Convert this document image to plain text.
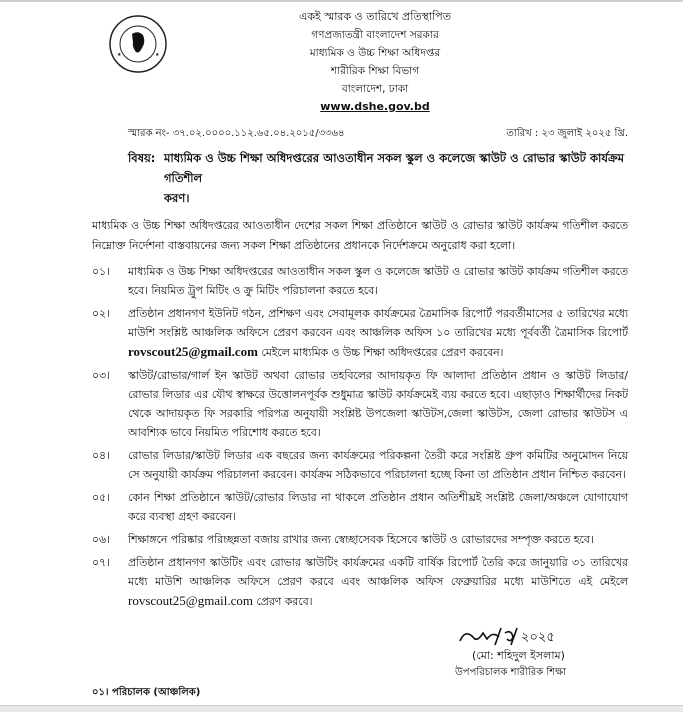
★	★
একই স্মারক ও তারিখে প্রতিস্থাপিত
গণপ্রজাতন্ত্রী বাংলাদেশ সরকার
মাধ্যমিক ও উচ্চ শিক্ষা অধিদপ্তর
শারীরিক শিক্ষা বিভাগ
বাংলাদেশ, ঢাকা
www.dshe.gov.bd
স্মারক নং- ৩৭.০২.০০০০.১১২.৬৫.০৪.২০১৫/৩৩৬৪	তারিখ : ২৩ জুলাই ২০২৫ খ্রি.
বিষয়: মাধ্যমিক ও উচ্চ শিক্ষা অধিদপ্তরের আওতাধীন সকল স্কুল ও কলেজে স্কাউট ও রোভার স্কাউট কার্যক্রম গতিশীল
করণ।
মাধ্যমিক ও উচ্চ শিক্ষা অধিদপ্তরের আওতাধীন দেশের সকল শিক্ষা প্রতিষ্ঠানে স্কাউট ও রোভার স্কাউট কার্যক্রম গতিশীল করতে নিম্নোক্ত নির্দেশনা বাস্তবায়নের জন্য সকল শিক্ষা প্রতিষ্ঠানের প্রধানকে নির্দেশক্রমে অনুরোধ করা হলো।
০১।	মাধ্যমিক ও উচ্চ শিক্ষা অধিদপ্তরের আওতাধীন সকল স্কুল ও কলেজে স্কাউট ও রোভার স্কাউট কার্যক্রম গতিশীল করতে হবে। নিয়মিত ট্রুপ মিটিং ও ক্রু মিটিং পরিচালনা করতে হবে।
০২।	প্রতিষ্ঠান প্রধানগণ ইউনিট গঠন, প্রশিক্ষণ এবং সেবামূলক কার্যক্রমের ত্রৈমাসিক রিপোর্ট পরবর্তীমাসের ৫ তারিখের মধ্যে মাউশি সংশ্লিষ্ট আঞ্চলিক অফিসে প্রেরণ করবেন এবং আঞ্চলিক অফিস ১০ তারিখের মধ্যে পূর্ববর্তী ত্রৈমাসিক রিপোর্ট rovscout25@gmail.com মেইলে মাধ্যমিক ও উচ্চ শিক্ষা অধিদপ্তরের প্রেরণ করবেন।
০৩।	স্কাউট/রোভার/গার্ল ইন স্কাউট অথবা রোভার তহবিলের আদায়কৃত ফি আলাদা প্রতিষ্ঠান প্রধান ও স্কাউট লিডার/রোভার লিডার এর যৌথ স্বাক্ষরে উত্তোলনপূর্বক শুধুমাত্র স্কাউট কার্যক্রমেই ব্যয় করতে হবে। এছাড়াও শিক্ষার্থীদের নিকট থেকে আদায়কৃত ফি সরকারি পরিপত্র অনুযায়ী সংশ্লিষ্ট উপজেলা স্কাউটস,জেলা স্কাউটস, জেলা রোভার স্কাউটস এ আবশ্যিক ভাবে নিয়মিত পরিশোধ করতে হবে।
০৪।	রোভার লিডার/স্কাউট লিডার এক বছরের জন্য কার্যক্রমের পরিকল্পনা তৈরী করে সংশ্লিষ্ট গ্রুপ কমিটির অনুমোদন নিয়ে সে অনুযায়ী কার্যক্রম পরিচালনা করবেন। কার্যক্রম সঠিকভাবে পরিচালনা হচ্ছে কিনা তা প্রতিষ্ঠান প্রধান নিশ্চিত করবেন।
০৫।	কোন শিক্ষা প্রতিষ্ঠানে স্কাউট/রোভার লিডার না থাকলে প্রতিষ্ঠান প্রধান অতিশীঘ্রই সংশ্লিষ্ট জেলা/অঞ্চলে যোগাযোগ করে ব্যবস্থা গ্রহণ করবেন।
০৬।	শিক্ষাঙ্গনে পরিষ্কার পরিচ্ছন্নতা বজায় রাখার জন্য স্বেচ্ছাসেবক হিসেবে স্কাউট ও রোভারদের সম্পৃক্ত করতে হবে।
০৭।	প্রতিষ্ঠান প্রধানগণ স্কাউটিং এবং রোভার স্কাউটিং কার্যক্রমের একটি বার্ষিক রিপোর্ট তৈরি করে জানুয়ারি ৩১ তারিখের মধ্যে মাউশি আঞ্চলিক অফিসে প্রেরণ করবে এবং আঞ্চলিক অফিস ফেব্রুয়ারির মধ্যে মাউশিতে এই মেইলে rovscout25@gmail.com প্রেরণ করবে।
২০২৫
(মো: শহিদুল ইসলাম)
উপপরিচালক শারীরিক শিক্ষা
০১। পরিচালক (আঞ্চলিক)
